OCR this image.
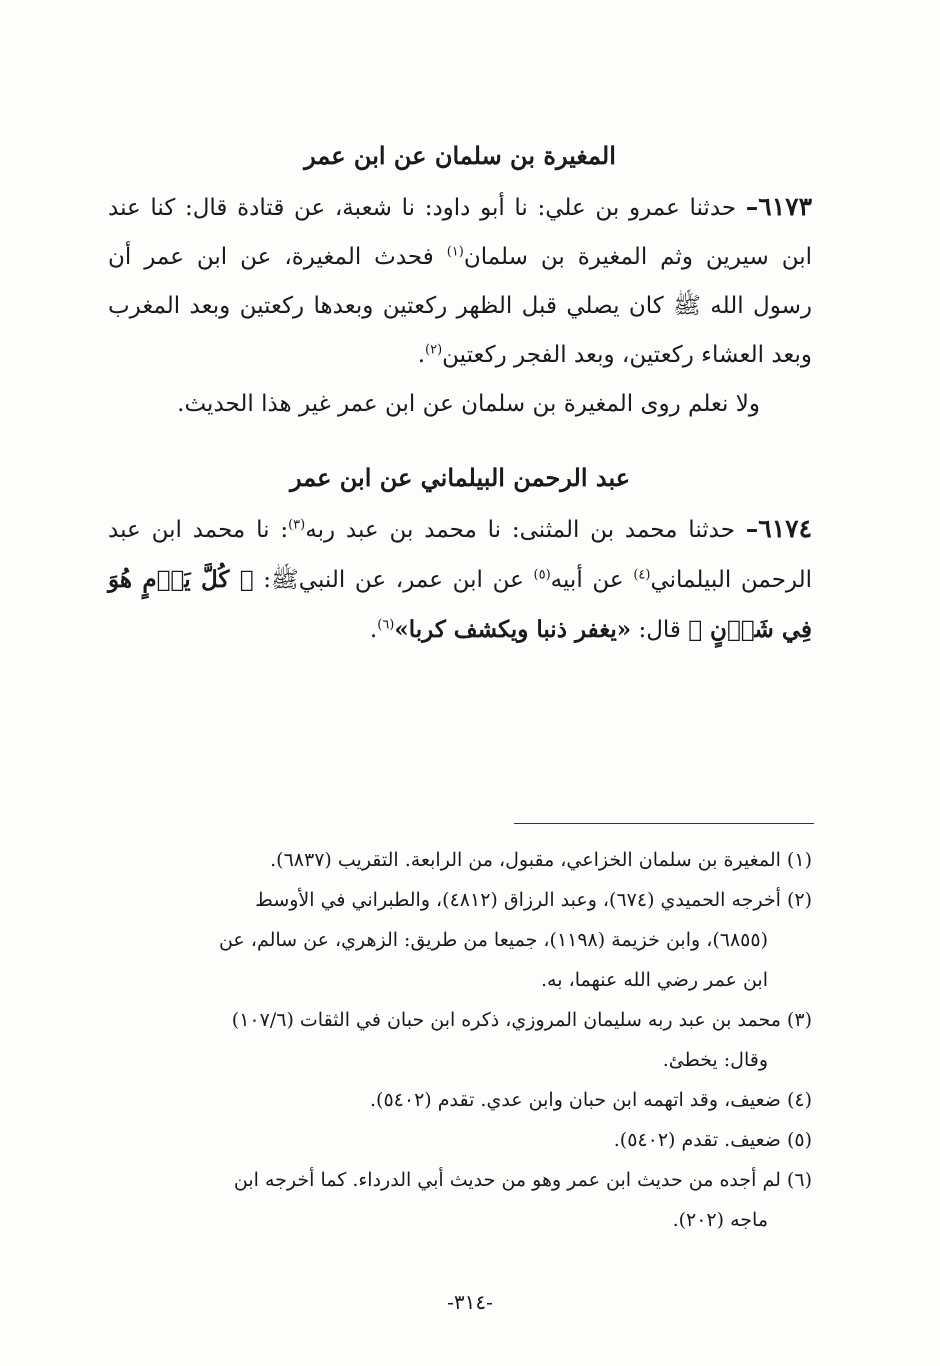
المغيرة بن سلمان عن ابن عمر

٦١٧٣– حدثنا عمرو بن علي: نا أبو داود: نا شعبة، عن قتادة قال: كنا عند ابن سيرين وثم المغيرة بن سلمان$^{(١)}$ فحدث المغيرة، عن ابن عمر أن رسول الله ﷺ كان يصلي قبل الظهر ركعتين وبعدها ركعتين وبعد المغرب وبعد العشاء ركعتين، وبعد الفجر ركعتين$^{(٢)}$.

ولا نعلم روى المغيرة بن سلمان عن ابن عمر غير هذا الحديث.

عبد الرحمن البيلماني عن ابن عمر

٦١٧٤– حدثنا محمد بن المثنى: نا محمد بن عبد ربه$^{(٣)}$: نا محمد ابن عبد الرحمن البيلماني$^{(٤)}$ عن أبيه$^{(٥)}$ عن ابن عمر، عن النبيﷺ: ﴿ كُلَّ يَوۡمٍ هُوَ فِي شَأۡنٍ ﴾ قال: «يغفر ذنبا ويكشف كربا»$^{(٦)}$.

(١) المغيرة بن سلمان الخزاعي، مقبول، من الرابعة. التقريب (٦٨٣٧).

(٢) أخرجه الحميدي (٦٧٤)، وعبد الرزاق (٤٨١٢)، والطبراني في الأوسط

(٦٨٥٥)، وابن خزيمة (١١٩٨)، جميعا من طريق: الزهري، عن سالم، عن

ابن عمر رضي الله عنهما، به.

(٣) محمد بن عبد ربه سليمان المروزي، ذكره ابن حبان في الثقات (١٠٧/٦)

وقال: يخطئ.

(٤) ضعيف، وقد اتهمه ابن حبان وابن عدي. تقدم (٥٤٠٢).

(٥) ضعيف. تقدم (٥٤٠٢).

(٦) لم أجده من حديث ابن عمر وهو من حديث أبي الدرداء. كما أخرجه ابن

ماجه (٢٠٢).

-٣١٤-
